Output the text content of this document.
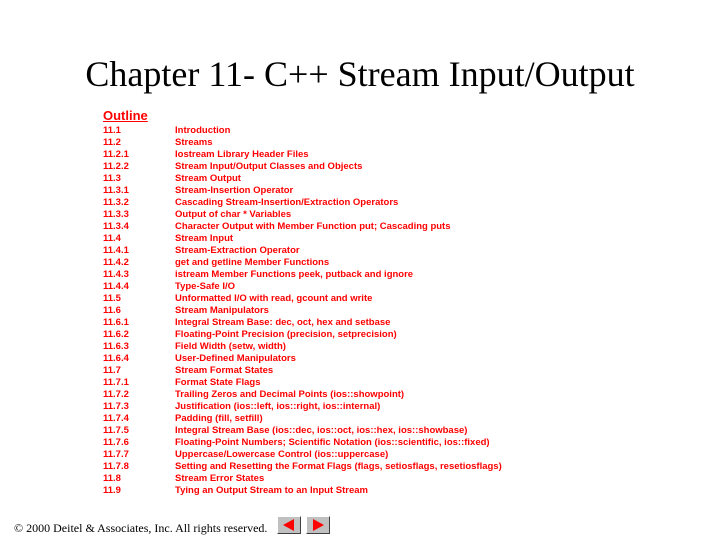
Chapter 11- C++ Stream Input/Output
Outline
11.1	Introduction
11.2	Streams
11.2.1	Iostream Library Header Files
11.2.2	Stream Input/Output Classes and Objects
11.3	Stream Output
11.3.1	Stream-Insertion Operator
11.3.2	Cascading Stream-Insertion/Extraction Operators
11.3.3	Output of char * Variables
11.3.4	Character Output with Member Function put; Cascading puts
11.4	Stream Input
11.4.1	Stream-Extraction Operator
11.4.2	get and getline Member Functions
11.4.3	istream Member Functions peek, putback and ignore
11.4.4	Type-Safe I/O
11.5	Unformatted I/O with read, gcount and write
11.6	Stream Manipulators
11.6.1	Integral Stream Base: dec, oct, hex and setbase
11.6.2	Floating-Point Precision (precision, setprecision)
11.6.3	Field Width (setw, width)
11.6.4	User-Defined Manipulators
11.7	Stream Format States
11.7.1	Format State Flags
11.7.2	Trailing Zeros and Decimal Points (ios::showpoint)
11.7.3	Justification (ios::left, ios::right, ios::internal)
11.7.4	Padding (fill, setfill)
11.7.5	Integral Stream Base (ios::dec, ios::oct, ios::hex, ios::showbase)
11.7.6	Floating-Point Numbers; Scientific Notation (ios::scientific, ios::fixed)
11.7.7	Uppercase/Lowercase Control (ios::uppercase)
11.7.8	Setting and Resetting the Format Flags (flags, setiosflags, resetiosflags)
11.8	Stream Error States
11.9	Tying an Output Stream to an Input Stream
© 2000 Deitel & Associates, Inc. All rights reserved.
